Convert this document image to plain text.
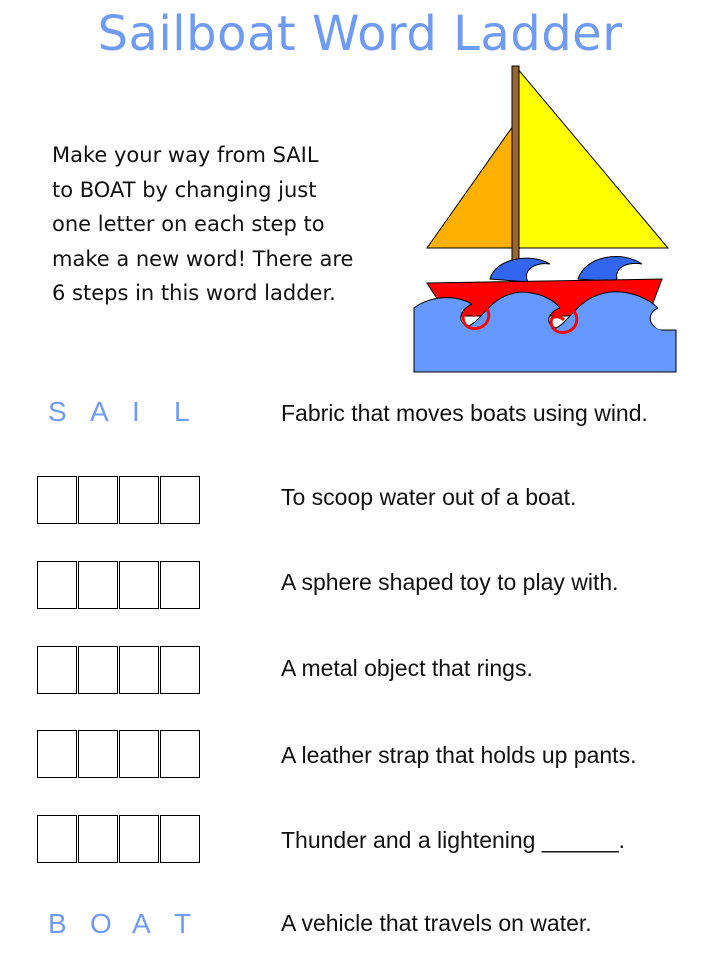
Sailboat Word Ladder
Make your way from SAIL
to BOAT by changing just
one letter on each step to
make a new word! There are
6 steps in this word ladder.
S A I L	Fabric that moves boats using wind.
To scoop water out of a boat.
A sphere shaped toy to play with.
A metal object that rings.
A leather strap that holds up pants.
Thunder and a lightening ______.
B O A T	A vehicle that travels on water.
